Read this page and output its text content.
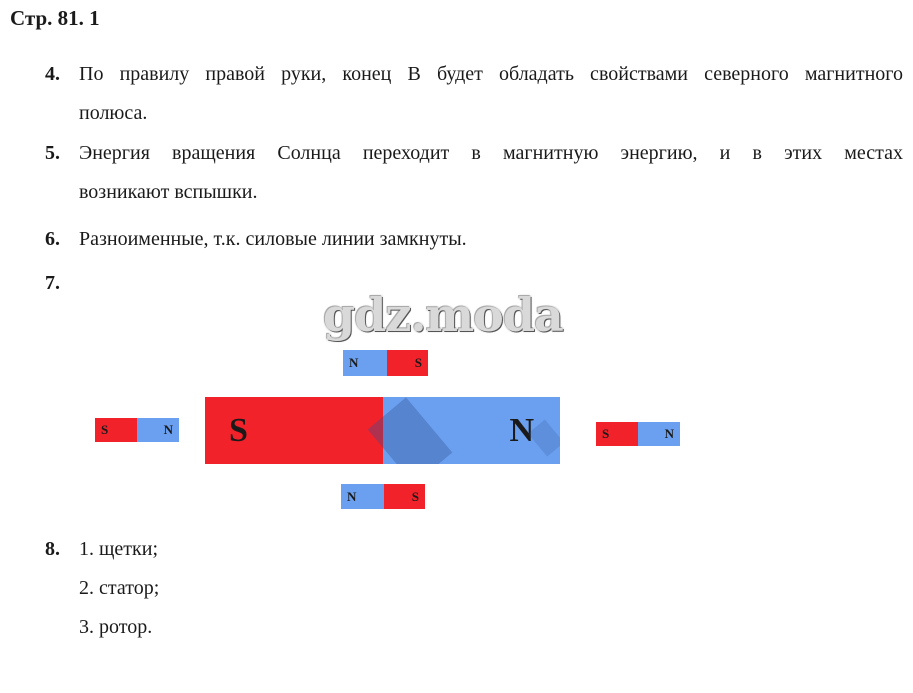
Стр. 81. 1
4. По правилу правой руки, конец В будет обладать свойствами северного магнитного
полюса.
5. Энергия вращения Солнца переходит в магнитную энергию, и в этих местах
возникают вспышки.
6. Разноименные, т.к. силовые линии замкнуты.
7.
gdz.moda
N	S
S	N	S	N	S	N
N	S
8. 1. щетки;
2. статор;
3. ротор.
